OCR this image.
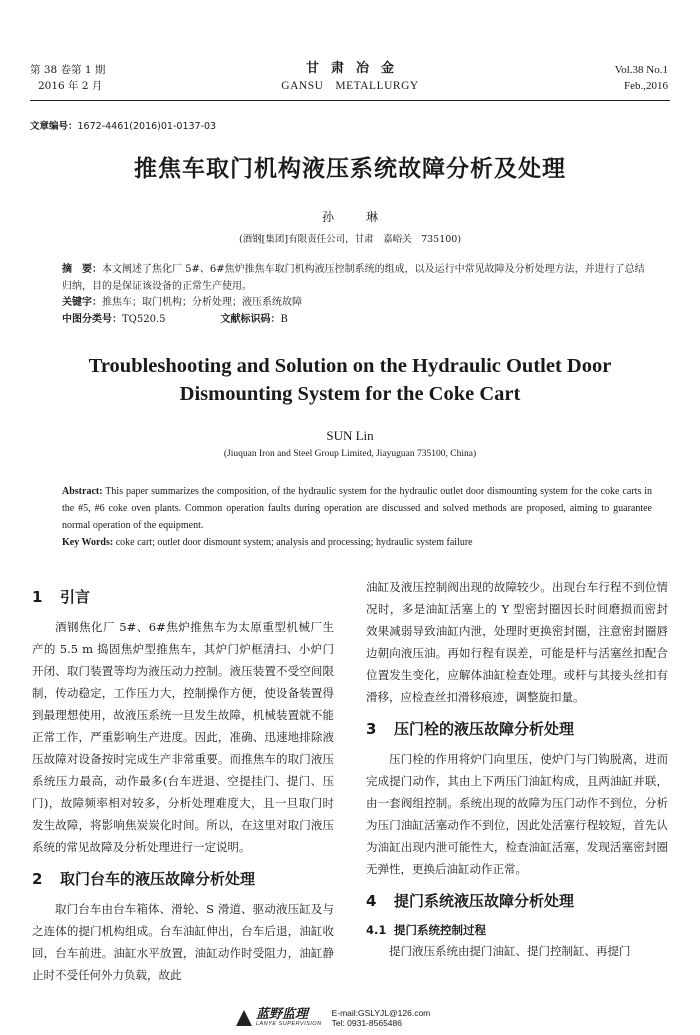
第 38 卷第 1 期
2016 年 2 月
甘肃冶金
GANSU　METALLURGY
Vol.38 No.1
Feb.,2016
文章编号：1672-4461(2016)01-0137-03
推焦车取门机构液压系统故障分析及处理
孙　琳
(酒钢[集团]有限责任公司，甘肃　嘉峪关　735100)
摘　要：本文阐述了焦化厂 5#、6#焦炉推焦车取门机构液压控制系统的组成，以及运行中常见故障及分析处理方法，并进行了总结归纳，目的是保证该设备的正常生产使用。
关键字：推焦车；取门机构；分析处理；液压系统故障
中图分类号：TQ520.5	文献标识码：B
Troubleshooting and Solution on the Hydraulic Outlet Door Dismounting System for the Coke Cart
SUN Lin
(Jiuquan Iron and Steel Group Limited, Jiayuguan 735100, China)
Abstract: This paper summarizes the composition, of the hydraulic system for the hydraulic outlet door dismounting system for the coke carts in the #5, #6 coke oven plants. Common operation faults during operation are discussed and solved methods are proposed, aiming to guarantee normal operation of the equipment.
Key Words: coke cart; outlet door dismount system; analysis and processing; hydraulic system failure
1 引言

酒钢焦化厂 5#、6#焦炉推焦车为太原重型机械厂生产的 5.5 m 捣固焦炉型推焦车，其炉门炉框清扫、小炉门开闭、取门装置等均为液压动力控制。液压装置不受空间限制，传动稳定，工作压力大，控制操作方便，使设备装置得到最理想使用，故液压系统一旦发生故障，机械装置就不能正常工作，严重影响生产进度。因此，准确、迅速地排除液压故障对设备按时完成生产非常重要。而推焦车的取门液压系统压力最高，动作最多(台车进退、空提挂门、提门、压门)，故障频率相对较多，分析处理难度大，且一旦取门时发生故障，将影响焦炭炭化时间。所以，在这里对取门液压系统的常见故障及分析处理进行一定说明。

2 取门台车的液压故障分析处理

取门台车由台车箱体、滑轮、S 滑道、驱动液压缸及与之连体的提门机构组成。台车油缸伸出，台车后退，油缸收回，台车前进。油缸水平放置，油缸动作时受阻力，油缸静止时不受任何外力负载，故此

油缸及液压控制阀出现的故障较少。出现台车行程不到位情况时，多是油缸活塞上的 Y 型密封圈因长时间磨损而密封效果减弱导致油缸内泄，处理时更换密封圈，注意密封圈唇边朝向液压油。再如行程有误差，可能是杆与活塞丝扣配合位置发生变化，应解体油缸检查处理。或杆与其接头丝扣有滑移，应检查丝扣滑移痕迹，调整旋扣量。

3 压门栓的液压故障分析处理

压门栓的作用将炉门向里压，使炉门与门钩脱离，进而完成提门动作，其由上下两压门油缸构成，且两油缸并联，由一套阀组控制。系统出现的故障为压门动作不到位，分析为压门油缸活塞动作不到位，因此处活塞行程较短，首先认为油缸出现内泄可能性大，检查油缸活塞，发现活塞密封圈无弹性，更换后油缸动作正常。

4 提门系统液压故障分析处理
4.1 提门系统控制过程

提门液压系统由提门油缸、提门控制缸、再提门

蓝野监理
LANYE SUPERVISION
E-mail:GSLYJL@126.com
Tel: 0931-8565486
